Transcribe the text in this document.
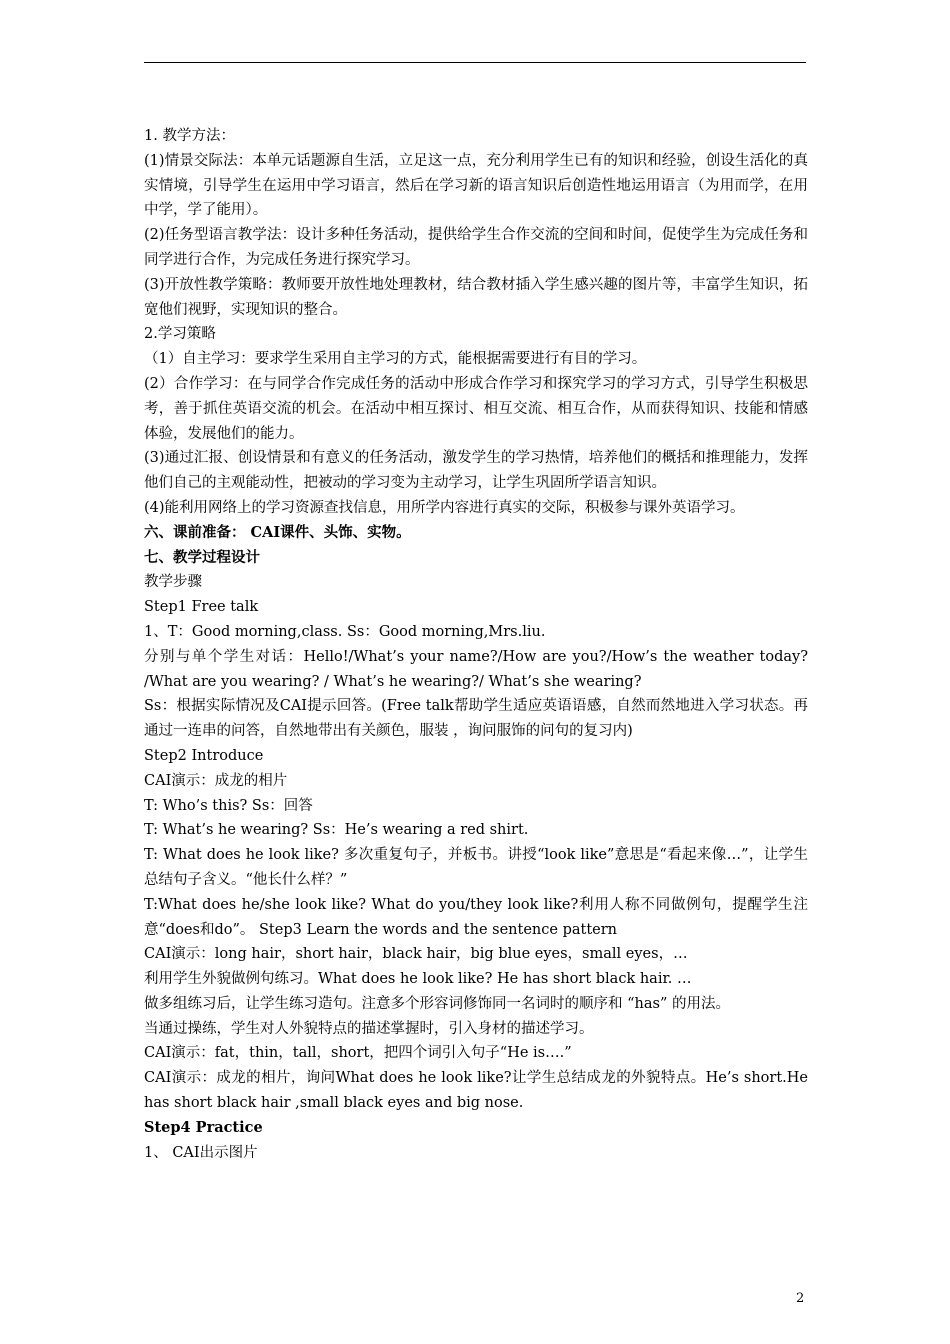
1. 教学方法：
(1)情景交际法：本单元话题源自生活，立足这一点，充分利用学生已有的知识和经验，创设生活化的真实情境，引导学生在运用中学习语言，然后在学习新的语言知识后创造性地运用语言（为用而学，在用中学，学了能用）。
(2)任务型语言教学法：设计多种任务活动，提供给学生合作交流的空间和时间，促使学生为完成任务和同学进行合作，为完成任务进行探究学习。
(3)开放性教学策略：教师要开放性地处理教材，结合教材插入学生感兴趣的图片等，丰富学生知识，拓宽他们视野，实现知识的整合。
2.学习策略
（1）自主学习：要求学生采用自主学习的方式，能根据需要进行有目的学习。
(2）合作学习：在与同学合作完成任务的活动中形成合作学习和探究学习的学习方式，引导学生积极思考，善于抓住英语交流的机会。在活动中相互探讨、相互交流、相互合作，从而获得知识、技能和情感体验，发展他们的能力。
(3)通过汇报、创设情景和有意义的任务活动，激发学生的学习热情，培养他们的概括和推理能力，发挥他们自己的主观能动性，把被动的学习变为主动学习，让学生巩固所学语言知识。
(4)能利用网络上的学习资源查找信息，用所学内容进行真实的交际，积极参与课外英语学习。
六、课前准备： CAI课件、头饰、实物。
七、教学过程设计
教学步骤
Step1 Free talk
1、T：Good morning,class. Ss：Good morning,Mrs.liu.
分别与单个学生对话：Hello!/What’s your name?/How are you?/How’s the weather today? /What are you wearing? / What’s he wearing?/ What’s she wearing?
Ss：根据实际情况及CAI提示回答。(Free talk帮助学生适应英语语感，自然而然地进入学习状态。再通过一连串的问答，自然地带出有关颜色，服装 ，询问服饰的问句的复习内)
Step2 Introduce
CAI演示：成龙的相片
T: Who’s this? Ss：回答
T: What’s he wearing? Ss：He’s wearing a red shirt.
T: What does he look like? 多次重复句子，并板书。讲授“look like”意思是“看起来像…”，让学生总结句子含义。“他长什么样？”
T:What does he/she look like? What do you/they look like?利用人称不同做例句，提醒学生注意“does和do”。 Step3 Learn the words and the sentence pattern
CAI演示：long hair，short hair，black hair，big blue eyes，small eyes，…
利用学生外貌做例句练习。What does he look like? He has short black hair. …
做多组练习后，让学生练习造句。注意多个形容词修饰同一名词时的顺序和 “has” 的用法。
当通过操练，学生对人外貌特点的描述掌握时，引入身材的描述学习。
CAI演示：fat，thin，tall，short，把四个词引入句子“He is….”
CAI演示：成龙的相片，询问What does he look like?让学生总结成龙的外貌特点。He’s short.He has short black hair ,small black eyes and big nose.
Step4 Practice
1、 CAI出示图片
2
